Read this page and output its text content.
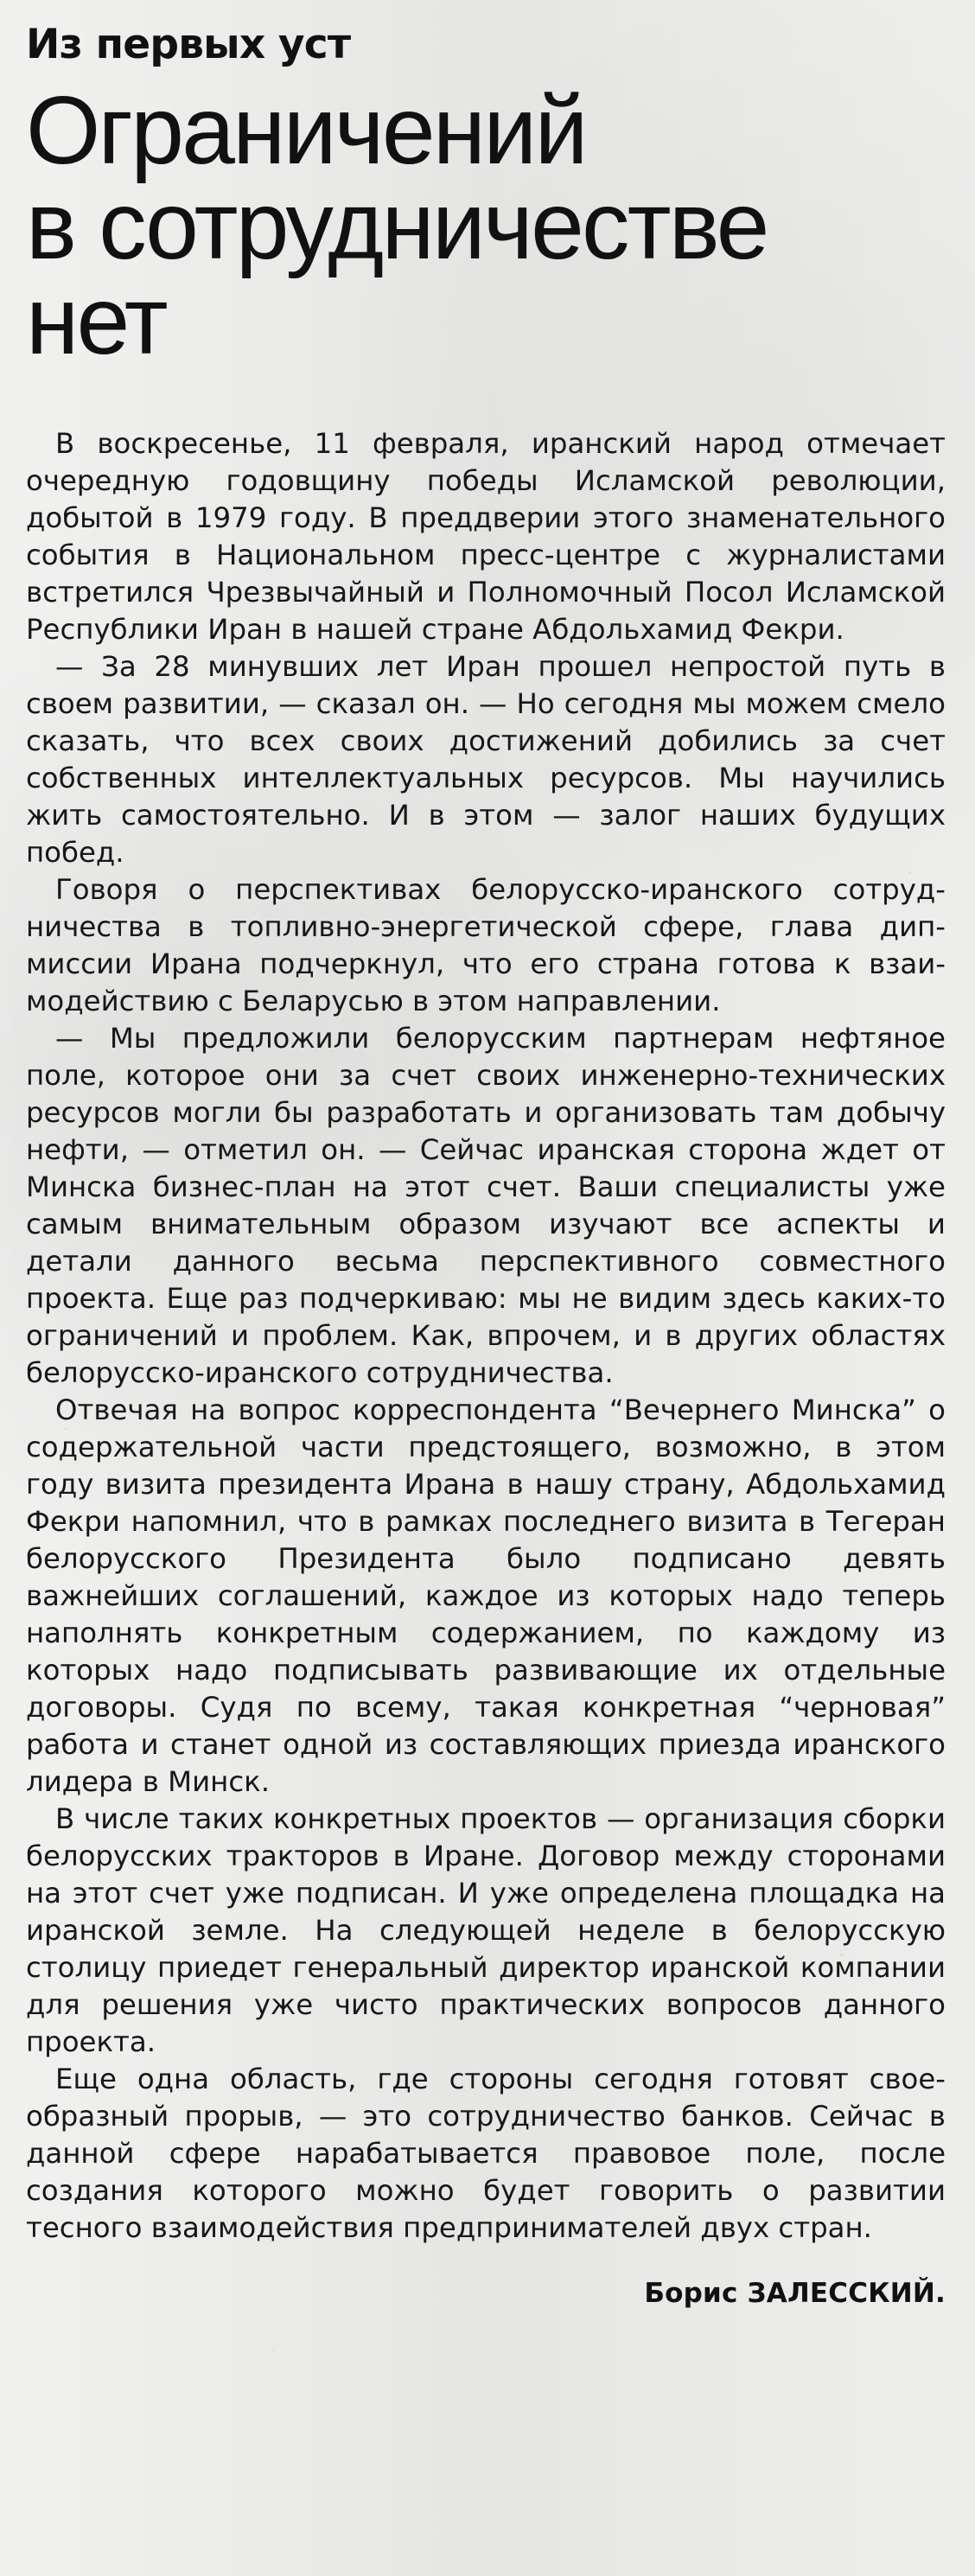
Из первых уст
Ограничений
в сотрудничестве
нет

В воскресенье, 11 февраля, иранский народ отмечает очередную годовщину победы Исламской революции, добытой в 1979 году. В преддверии этого знаменательного события в Национальном пресс-центре с журналистами встретился Чрезвычайный и Полномочный Посол Исламской Республики Иран в нашей стране Абдольхамид Фекри.

— За 28 минувших лет Иран прошел непростой путь в своем развитии, — сказал он. — Но сегодня мы можем смело сказать, что всех своих достижений добились за счет собственных интеллектуальных ресурсов. Мы научились жить самостоятельно. И в этом — залог наших будущих побед.

Говоря о перспективах белорусско-иранского сотрудничества в топливно-энергетической сфере, глава дипмиссии Ирана подчеркнул, что его страна готова к взаимодействию с Беларусью в этом направлении.

— Мы предложили белорусским партнерам нефтяное поле, которое они за счет своих инженерно-технических ресурсов могли бы разработать и организовать там добычу нефти, — отметил он. — Сейчас иранская сторона ждет от Минска бизнес-план на этот счет. Ваши специалисты уже самым внимательным образом изучают все аспекты и детали данного весьма перспективного совместного проекта. Еще раз подчеркиваю: мы не видим здесь каких-то ограничений и проблем. Как, впрочем, и в других областях белорусско-иранского сотрудничества.

Отвечая на вопрос корреспондента “Вечернего Минска” о содержательной части предстоящего, возможно, в этом году визита президента Ирана в нашу страну, Абдольхамид Фекри напомнил, что в рамках последнего визита в Тегеран белорусского Президента было подписано девять важнейших соглашений, каждое из которых надо теперь наполнять конкретным содержанием, по каждому из которых надо подписывать развивающие их отдельные договоры. Судя по всему, такая конкретная “черновая” работа и станет одной из составляющих приезда иранского лидера в Минск.

В числе таких конкретных проектов — организация сборки белорусских тракторов в Иране. Договор между сторонами на этот счет уже подписан. И уже определена площадка на иранской земле. На следующей неделе в белорусскую столицу приедет генеральный директор иранской компании для решения уже чисто практических вопросов данного проекта.

Еще одна область, где стороны сегодня готовят своеобразный прорыв, — это сотрудничество банков. Сейчас в данной сфере нарабатывается правовое поле, после создания которого можно будет говорить о развитии тесного взаимодействия предпринимателей двух стран.

Борис ЗАЛЕССКИЙ.
